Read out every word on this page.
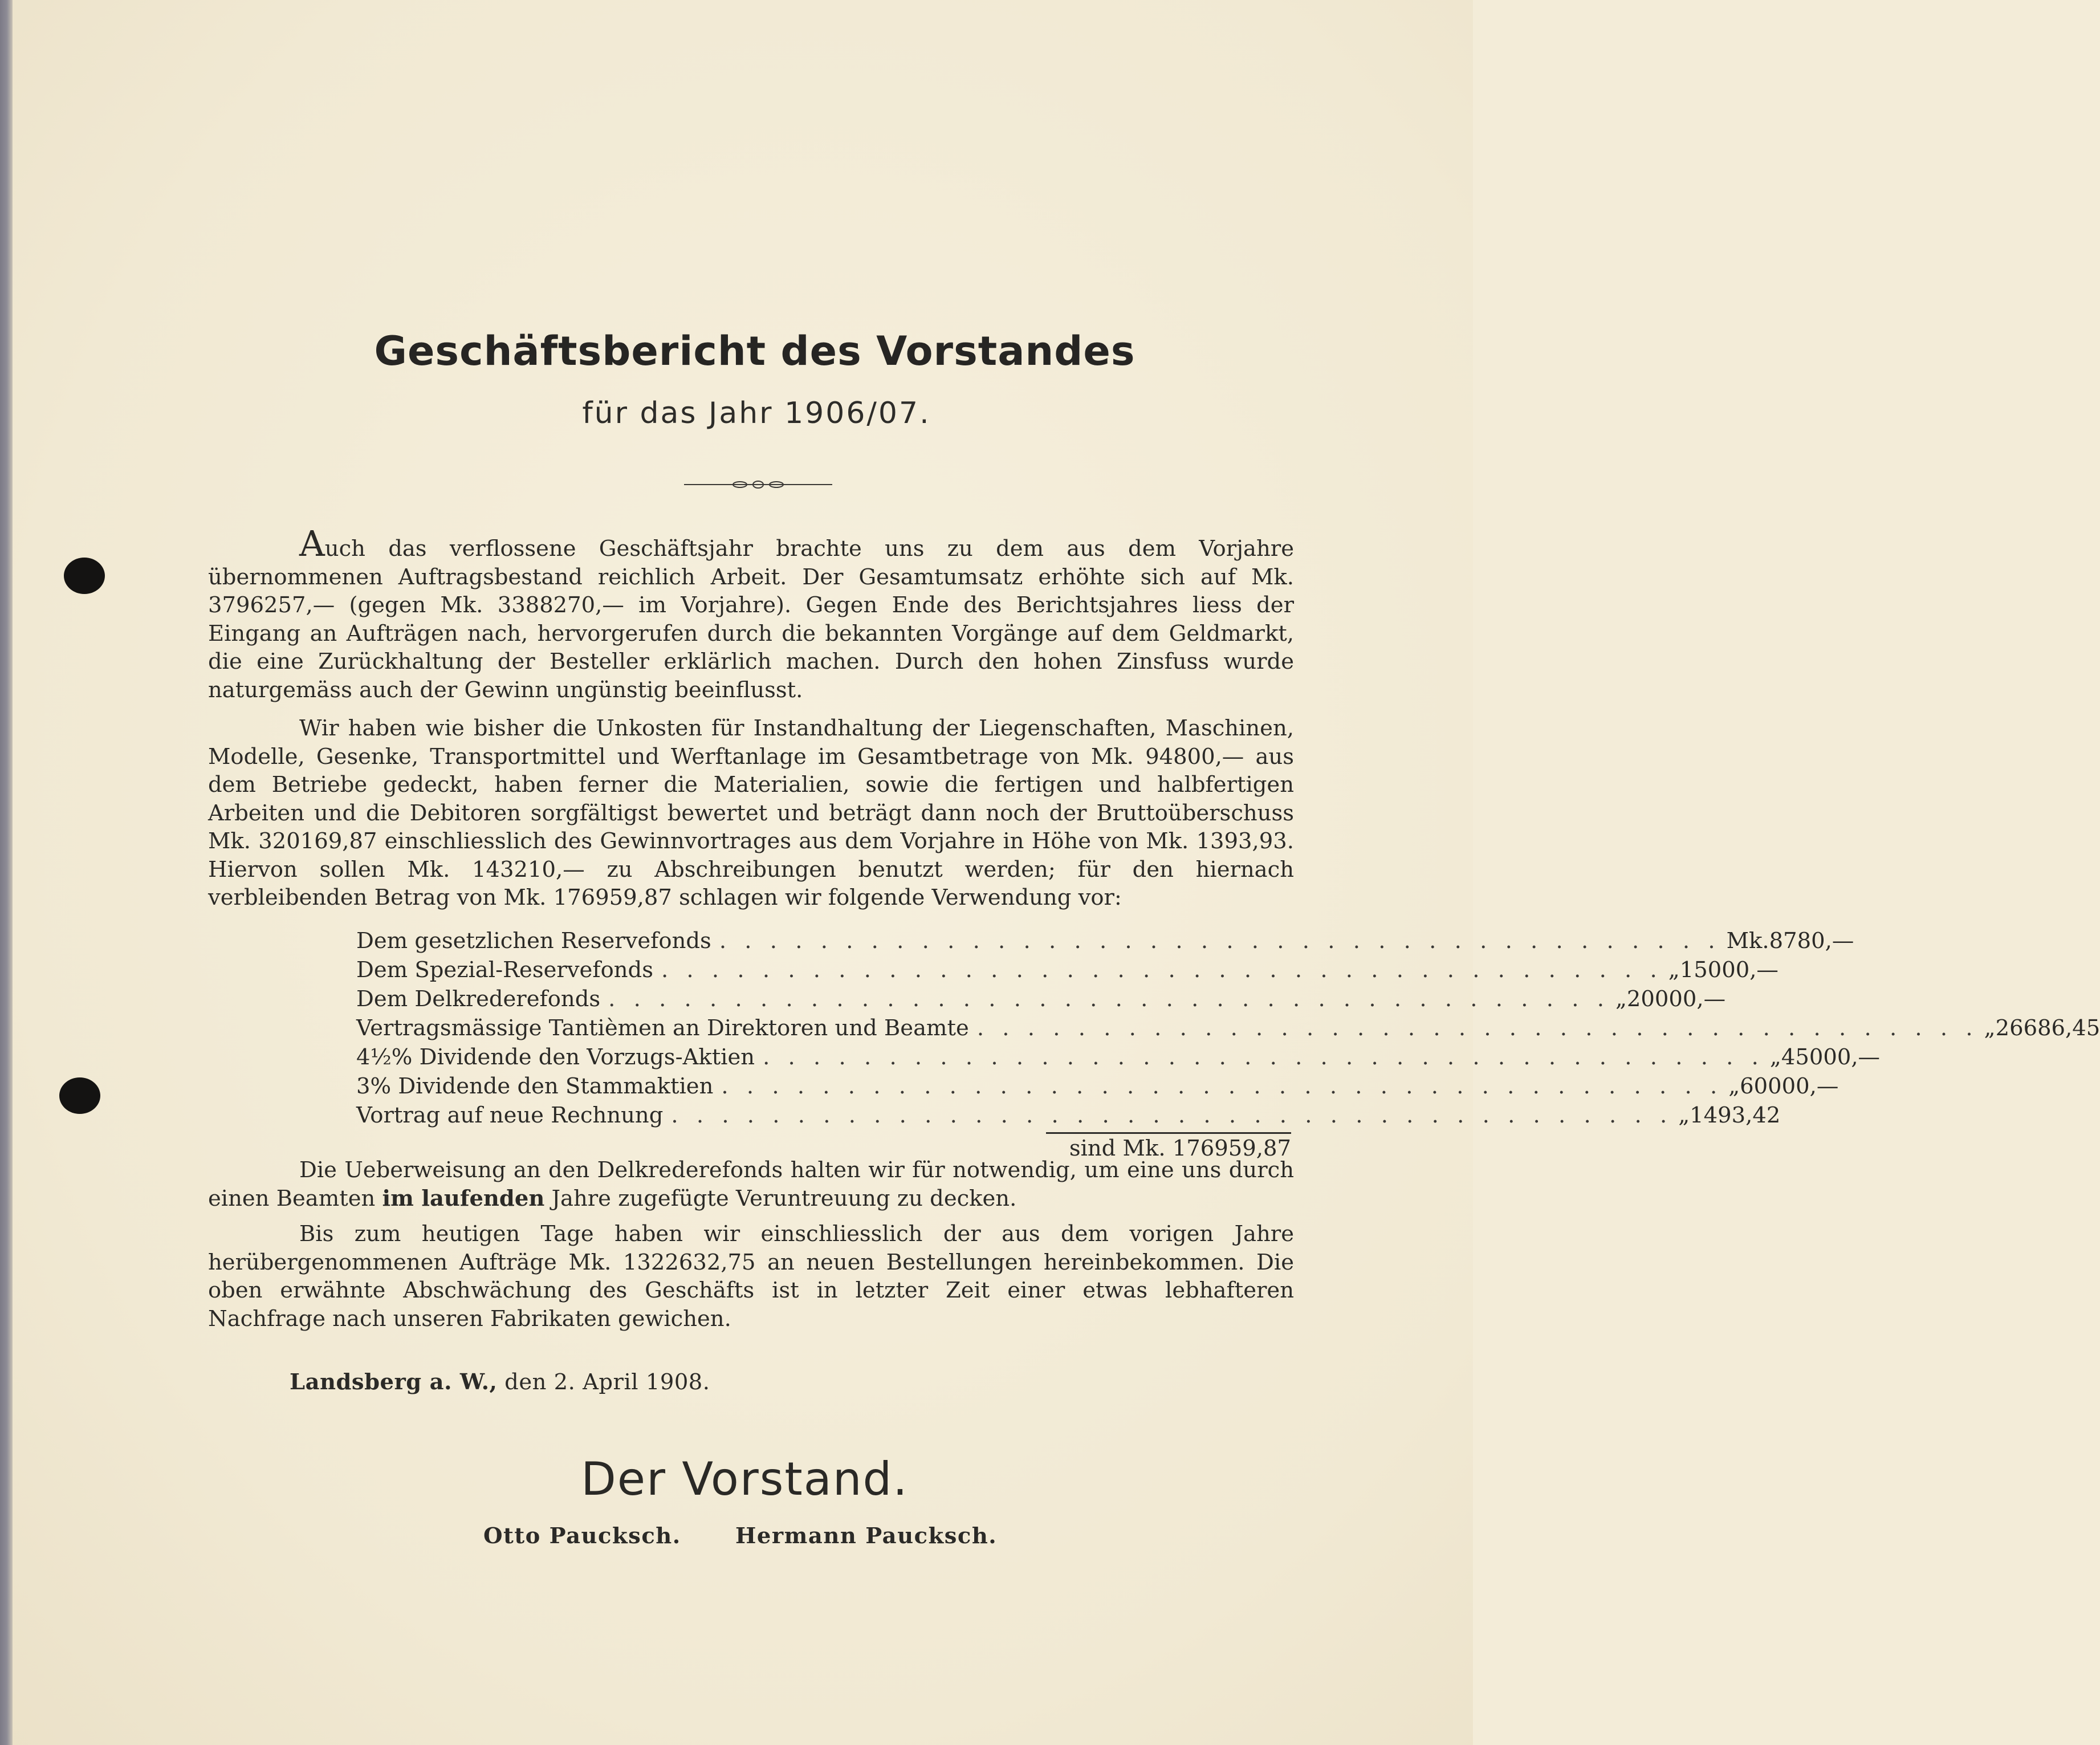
Geschäftsbericht des Vorstandes
für das Jahr 1906/07.
Auch das verflossene Geschäftsjahr brachte uns zu dem aus dem Vorjahre übernommenen Auftragsbestand reichlich Arbeit. Der Gesamtumsatz erhöhte sich auf Mk. 3796257,— (gegen Mk. 3388270,— im Vorjahre). Gegen Ende des Berichtsjahres liess der Eingang an Aufträgen nach, hervorgerufen durch die bekannten Vorgänge auf dem Geldmarkt, die eine Zurückhaltung der Besteller erklärlich machen. Durch den hohen Zinsfuss wurde naturgemäss auch der Gewinn ungünstig beeinflusst.
Wir haben wie bisher die Unkosten für Instandhaltung der Liegenschaften, Maschinen, Modelle, Gesenke, Transportmittel und Werftanlage im Gesamtbetrage von Mk. 94800,— aus dem Betriebe gedeckt, haben ferner die Materialien, sowie die fertigen und halbfertigen Arbeiten und die Debitoren sorgfältigst bewertet und beträgt dann noch der Bruttoüberschuss Mk. 320169,87 einschliesslich des Gewinnvortrages aus dem Vorjahre in Höhe von Mk. 1393,93. Hiervon sollen Mk. 143210,— zu Abschreibungen benutzt werden; für den hiernach verbleibenden Betrag von Mk. 176959,87 schlagen wir folgende Verwendung vor:
Dem gesetzlichen Reservefonds . . . . . . . . . . . . . . . . . . . . . . . . . . . . . . . . . . . . . . . . Mk. 8780,—
Dem Spezial-Reservefonds . . . . . . . . . . . . . . . . . . . . . . . . . . . . . . . . . . . . . . . . „ 15000,—
Dem Delkrederefonds . . . . . . . . . . . . . . . . . . . . . . . . . . . . . . . . . . . . . . . . „ 20000,—
Vertragsmässige Tantièmen an Direktoren und Beamte . . . . . . . . . . . . . . . . . . . . . . . . . . . . . . . . . . . . . . . . „ 26686,45
4½% Dividende den Vorzugs-Aktien . . . . . . . . . . . . . . . . . . . . . . . . . . . . . . . . . . . . . . . . „ 45000,—
3% Dividende den Stammaktien . . . . . . . . . . . . . . . . . . . . . . . . . . . . . . . . . . . . . . . . „ 60000,—
Vortrag auf neue Rechnung . . . . . . . . . . . . . . . . . . . . . . . . . . . . . . . . . . . . . . . . „ 1493,42
sind Mk. 176959,87
Die Ueberweisung an den Delkrederefonds halten wir für notwendig, um eine uns durch einen Beamten im laufenden Jahre zugefügte Veruntreuung zu decken.
Bis zum heutigen Tage haben wir einschliesslich der aus dem vorigen Jahre herübergenommenen Aufträge Mk. 1322632,75 an neuen Bestellungen hereinbekommen. Die oben erwähnte Abschwächung des Geschäfts ist in letzter Zeit einer etwas lebhafteren Nachfrage nach unseren Fabrikaten gewichen.
Landsberg a. W., den 2. April 1908.
Der Vorstand.
Otto Paucksch. Hermann Paucksch.
